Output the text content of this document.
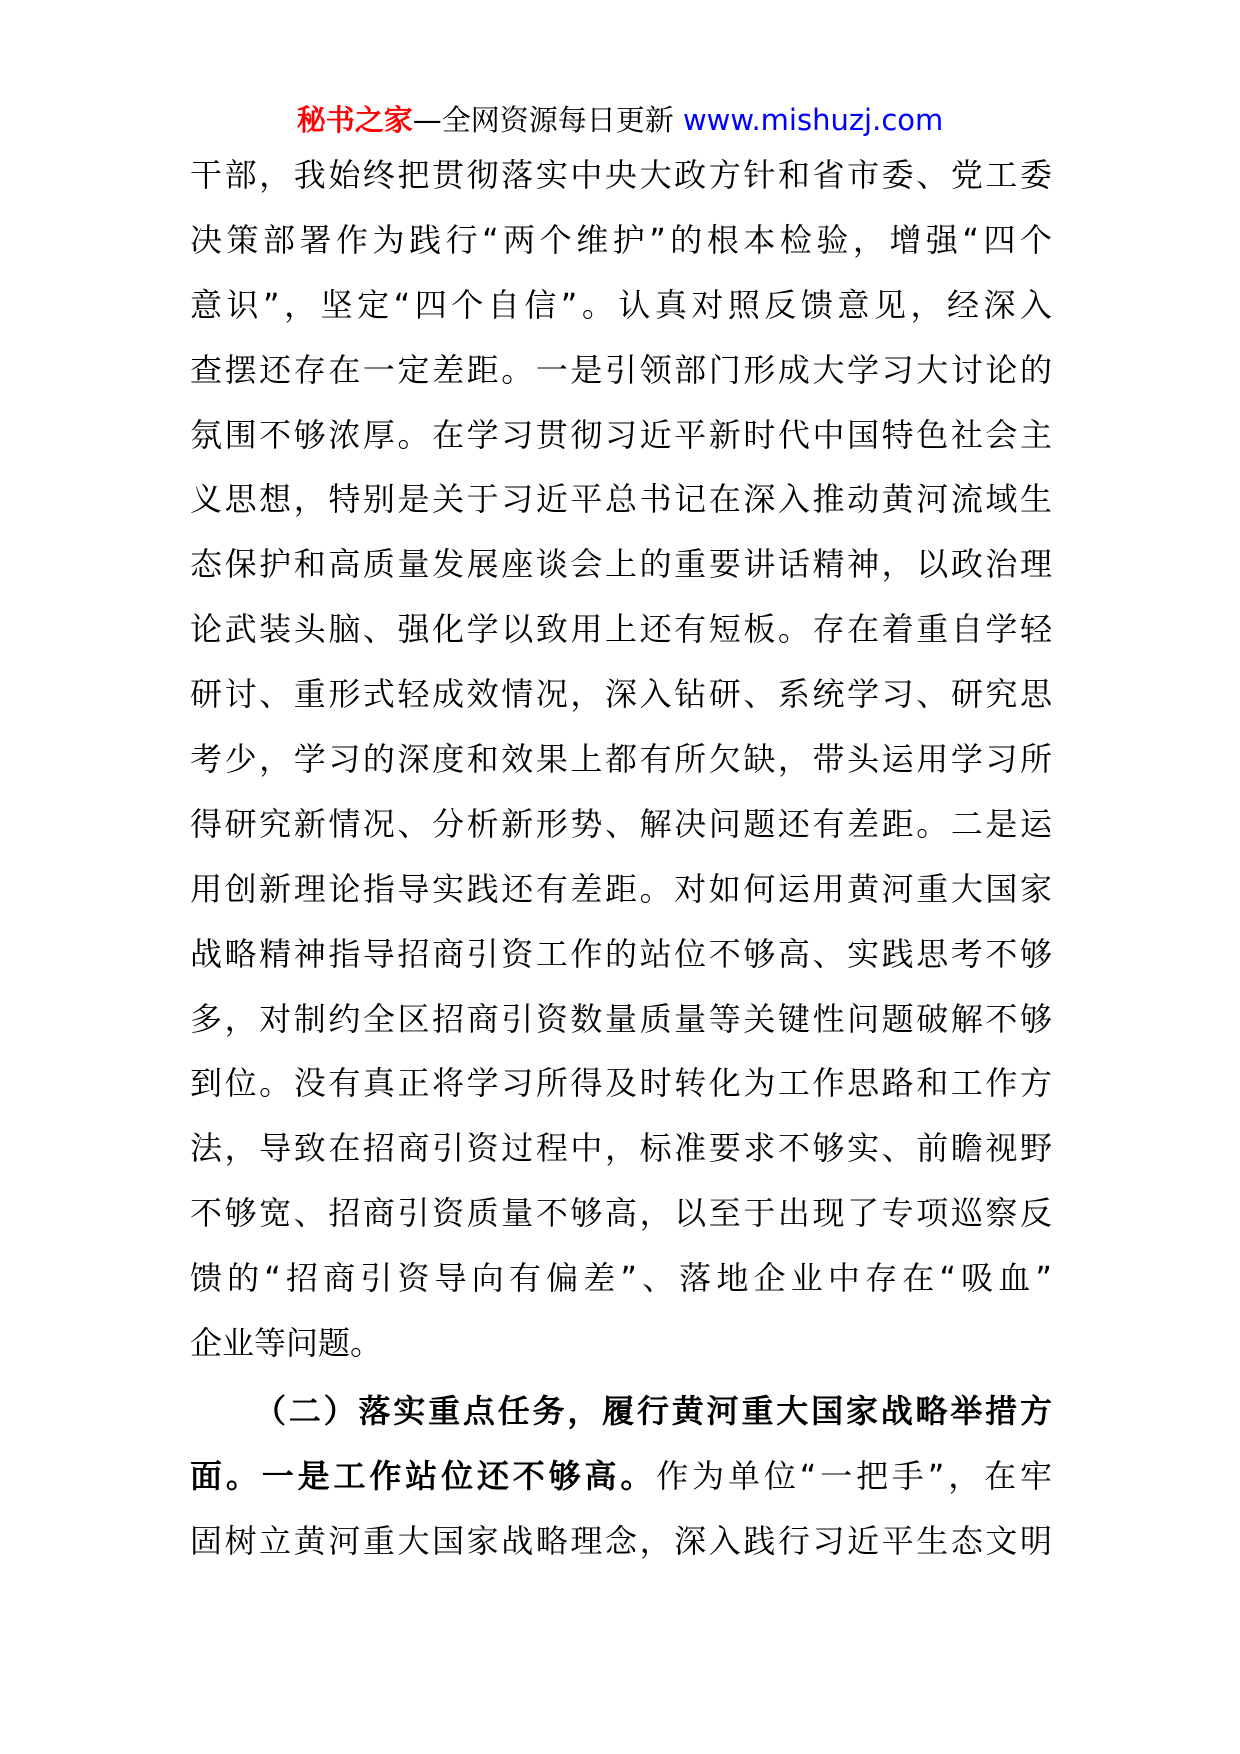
秘书之家—全网资源每日更新 www.mishuzj.com

干部，我始终把贯彻落实中央大政方针和省市委、党工委
决策部署作为践行“两个维护”的根本检验，增强“四个
意识”，坚定“四个自信”。认真对照反馈意见，经深入
查摆还存在一定差距。一是引领部门形成大学习大讨论的
氛围不够浓厚。在学习贯彻习近平新时代中国特色社会主
义思想，特别是关于习近平总书记在深入推动黄河流域生
态保护和高质量发展座谈会上的重要讲话精神，以政治理
论武装头脑、强化学以致用上还有短板。存在着重自学轻
研讨、重形式轻成效情况，深入钻研、系统学习、研究思
考少，学习的深度和效果上都有所欠缺，带头运用学习所
得研究新情况、分析新形势、解决问题还有差距。二是运
用创新理论指导实践还有差距。对如何运用黄河重大国家
战略精神指导招商引资工作的站位不够高、实践思考不够
多，对制约全区招商引资数量质量等关键性问题破解不够
到位。没有真正将学习所得及时转化为工作思路和工作方
法，导致在招商引资过程中，标准要求不够实、前瞻视野
不够宽、招商引资质量不够高，以至于出现了专项巡察反
馈的“招商引资导向有偏差”、落地企业中存在“吸血”
企业等问题。

（二）落实重点任务，履行黄河重大国家战略举措方
面。一是工作站位还不够高。作为单位“一把手”，在牢
固树立黄河重大国家战略理念，深入践行习近平生态文明
